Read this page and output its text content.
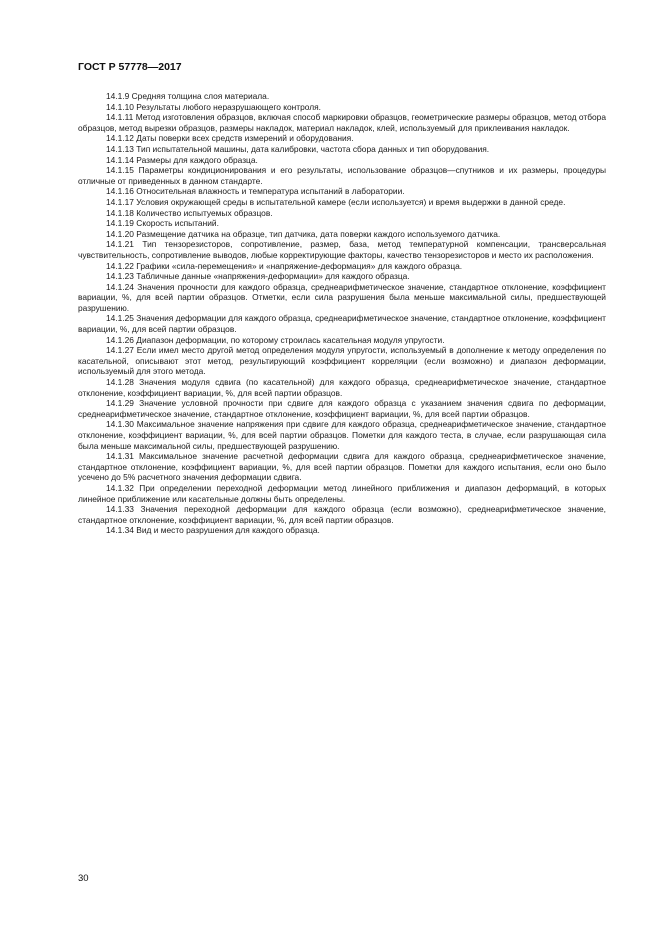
ГОСТ Р 57778—2017

14.1.9 Средняя толщина слоя материала.

14.1.10 Результаты любого неразрушающего контроля.

14.1.11 Метод изготовления образцов, включая способ маркировки образцов, геометрические размеры образцов, метод отбора образцов, метод вырезки образцов, размеры накладок, материал накладок, клей, используемый для приклеивания накладок.

14.1.12 Даты поверки всех средств измерений и оборудования.

14.1.13 Тип испытательной машины, дата калибровки, частота сбора данных и тип оборудования.

14.1.14 Размеры для каждого образца.

14.1.15 Параметры кондиционирования и его результаты, использование образцов—спутников и их размеры, процедуры отличные от приведенных в данном стандарте.

14.1.16 Относительная влажность и температура испытаний в лаборатории.

14.1.17 Условия окружающей среды в испытательной камере (если используется) и время выдержки в данной среде.

14.1.18 Количество испытуемых образцов.

14.1.19 Скорость испытаний.

14.1.20 Размещение датчика на образце, тип датчика, дата поверки каждого используемого датчика.

14.1.21 Тип тензорезисторов, сопротивление, размер, база, метод температурной компенсации, трансверсальная чувствительность, сопротивление выводов, любые корректирующие факторы, качество тензорезисторов и место их расположения.

14.1.22 Графики «сила-перемещения» и «напряжение-деформация» для каждого образца.

14.1.23 Табличные данные «напряжения-деформации» для каждого образца.

14.1.24 Значения прочности для каждого образца, среднеарифметическое значение, стандартное отклонение, коэффициент вариации, %, для всей партии образцов. Отметки, если сила разрушения была меньше максимальной силы, предшествующей разрушению.

14.1.25 Значения деформации для каждого образца, среднеарифметическое значение, стандартное отклонение, коэффициент вариации, %, для всей партии образцов.

14.1.26 Диапазон деформации, по которому строилась касательная модуля упругости.

14.1.27 Если имел место другой метод определения модуля упругости, используемый в дополнение к методу определения по касательной, описывают этот метод, результирующий коэффициент корреляции (если возможно) и диапазон деформации, используемый для этого метода.

14.1.28 Значения модуля сдвига (по касательной) для каждого образца, среднеарифметическое значение, стандартное отклонение, коэффициент вариации, %, для всей партии образцов.

14.1.29 Значение условной прочности при сдвиге для каждого образца с указанием значения сдвига по деформации, среднеарифметическое значение, стандартное отклонение, коэффициент вариации, %, для всей партии образцов.

14.1.30 Максимальное значение напряжения при сдвиге для каждого образца, среднеарифметическое значение, стандартное отклонение, коэффициент вариации, %, для всей партии образцов. Пометки для каждого теста, в случае, если разрушающая сила была меньше максимальной силы, предшествующей разрушению.

14.1.31 Максимальное значение расчетной деформации сдвига для каждого образца, среднеарифметическое значение, стандартное отклонение, коэффициент вариации, %, для всей партии образцов. Пометки для каждого испытания, если оно было усечено до 5% расчетного значения деформации сдвига.

14.1.32 При определении переходной деформации метод линейного приближения и диапазон деформаций, в которых линейное приближение или касательные должны быть определены.

14.1.33 Значения переходной деформации для каждого образца (если возможно), среднеарифметическое значение, стандартное отклонение, коэффициент вариации, %, для всей партии образцов.

14.1.34 Вид и место разрушения для каждого образца.

30
